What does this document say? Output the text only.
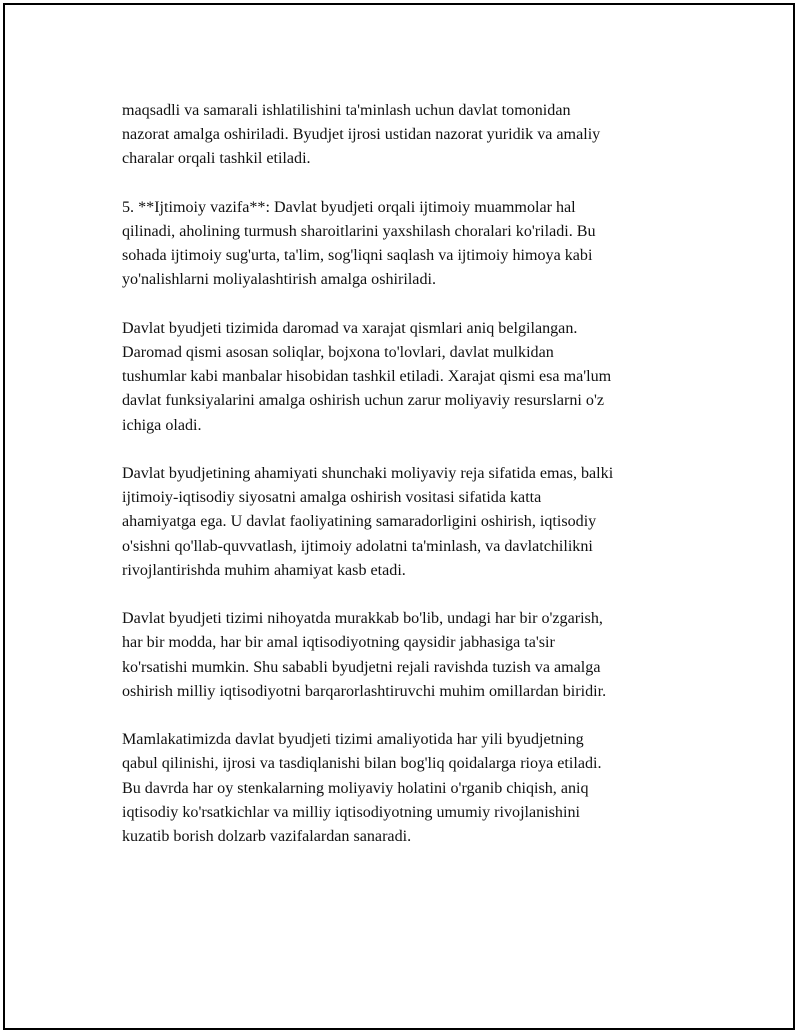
maqsadli va samarali ishlatilishini ta'minlash uchun davlat tomonidan
nazorat amalga oshiriladi. Byudjet ijrosi ustidan nazorat yuridik va amaliy
charalar orqali tashkil etiladi.

5. **Ijtimoiy vazifa**: Davlat byudjeti orqali ijtimoiy muammolar hal
qilinadi, aholining turmush sharoitlarini yaxshilash choralari ko'riladi. Bu
sohada ijtimoiy sug'urta, ta'lim, sog'liqni saqlash va ijtimoiy himoya kabi
yo'nalishlarni moliyalashtirish amalga oshiriladi.

Davlat byudjeti tizimida daromad va xarajat qismlari aniq belgilangan.
Daromad qismi asosan soliqlar, bojxona to'lovlari, davlat mulkidan
tushumlar kabi manbalar hisobidan tashkil etiladi. Xarajat qismi esa ma'lum
davlat funksiyalarini amalga oshirish uchun zarur moliyaviy resurslarni o'z
ichiga oladi.

Davlat byudjetining ahamiyati shunchaki moliyaviy reja sifatida emas, balki
ijtimoiy-iqtisodiy siyosatni amalga oshirish vositasi sifatida katta
ahamiyatga ega. U davlat faoliyatining samaradorligini oshirish, iqtisodiy
o'sishni qo'llab-quvvatlash, ijtimoiy adolatni ta'minlash, va davlatchilikni
rivojlantirishda muhim ahamiyat kasb etadi.

Davlat byudjeti tizimi nihoyatda murakkab bo'lib, undagi har bir o'zgarish,
har bir modda, har bir amal iqtisodiyotning qaysidir jabhasiga ta'sir
ko'rsatishi mumkin. Shu sababli byudjetni rejali ravishda tuzish va amalga
oshirish milliy iqtisodiyotni barqarorlashtiruvchi muhim omillardan biridir.

Mamlakatimizda davlat byudjeti tizimi amaliyotida har yili byudjetning
qabul qilinishi, ijrosi va tasdiqlanishi bilan bog'liq qoidalarga rioya etiladi.
Bu davrda har oy stenkalarning moliyaviy holatini o'rganib chiqish, aniq
iqtisodiy ko'rsatkichlar va milliy iqtisodiyotning umumiy rivojlanishini
kuzatib borish dolzarb vazifalardan sanaradi.
